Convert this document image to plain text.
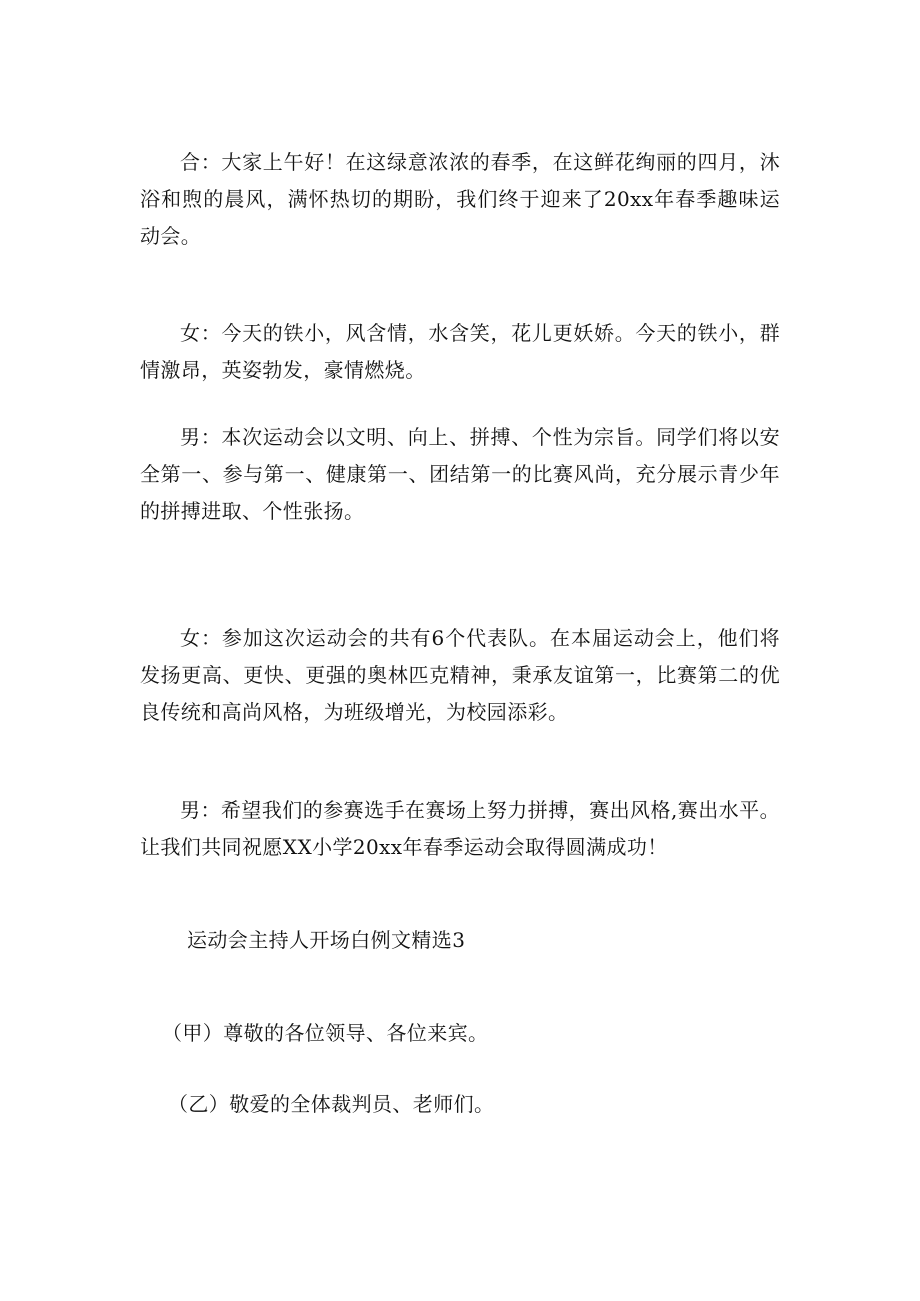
合：大家上午好！在这绿意浓浓的春季，在这鲜花绚丽的四月，沐浴和煦的晨风，满怀热切的期盼，我们终于迎来了20xx年春季趣味运动会。

女：今天的铁小，风含情，水含笑，花儿更妖娇。今天的铁小，群情激昂，英姿勃发，豪情燃烧。

男：本次运动会以文明、向上、拼搏、个性为宗旨。同学们将以安全第一、参与第一、健康第一、团结第一的比赛风尚，充分展示青少年的拼搏进取、个性张扬。

女：参加这次运动会的共有6个代表队。在本届运动会上，他们将发扬更高、更快、更强的奥林匹克精神，秉承友谊第一，比赛第二的优良传统和高尚风格，为班级增光，为校园添彩。

男：希望我们的参赛选手在赛场上努力拼搏，赛出风格,赛出水平。让我们共同祝愿XX小学20xx年春季运动会取得圆满成功！

运动会主持人开场白例文精选3

（甲）尊敬的各位领导、各位来宾。

（乙）敬爱的全体裁判员、老师们。
